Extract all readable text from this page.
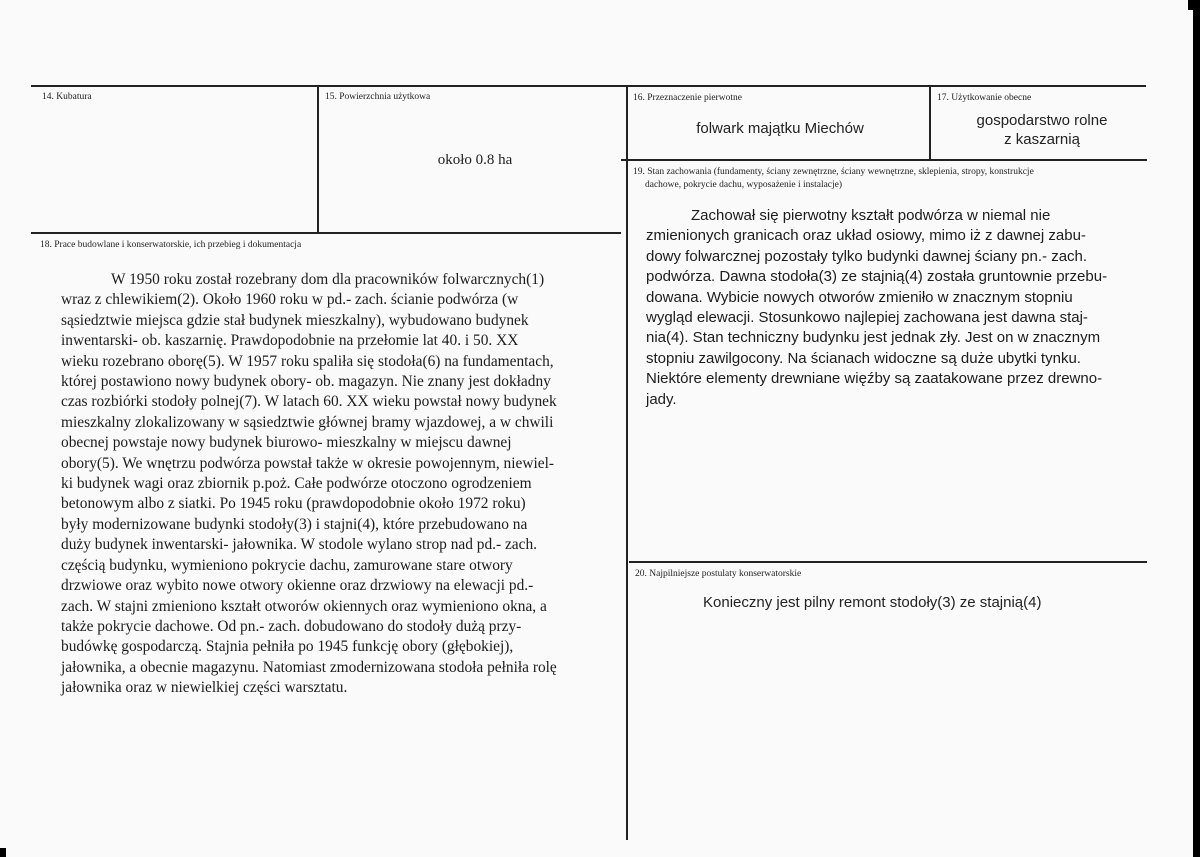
14. Kubatura	15. Powierzchnia użytkowa
około 0.8 ha
16. Przeznaczenie pierwotne
folwark majątku Miechów
17. Użytkowanie obecne
gospodarstwo rolne
z kaszarnią
18. Prace budowlane i konserwatorskie, ich przebieg i dokumentacja
W 1950 roku został rozebrany dom dla pracowników folwarcznych(1)
wraz z chlewikiem(2). Około 1960 roku w pd.- zach. ścianie podwórza (w
sąsiedztwie miejsca gdzie stał budynek mieszkalny), wybudowano budynek
inwentarski- ob. kaszarnię. Prawdopodobnie na przełomie lat 40. i 50. XX
wieku rozebrano oborę(5). W 1957 roku spaliła się stodoła(6) na fundamentach,
której postawiono nowy budynek obory- ob. magazyn. Nie znany jest dokładny
czas rozbiórki stodoły polnej(7). W latach 60. XX wieku powstał nowy budynek
mieszkalny zlokalizowany w sąsiedztwie głównej bramy wjazdowej, a w chwili
obecnej powstaje nowy budynek biurowo- mieszkalny w miejscu dawnej
obory(5). We wnętrzu podwórza powstał także w okresie powojennym, niewiel-
ki budynek wagi oraz zbiornik p.poż. Całe podwórze otoczono ogrodzeniem
betonowym albo z siatki. Po 1945 roku (prawdopodobnie około 1972 roku)
były modernizowane budynki stodoły(3) i stajni(4), które przebudowano na
duży budynek inwentarski- jałownika. W stodole wylano strop nad pd.- zach.
częścią budynku, wymieniono pokrycie dachu, zamurowane stare otwory
drzwiowe oraz wybito nowe otwory okienne oraz drzwiowy na elewacji pd.-
zach. W stajni zmieniono kształt otworów okiennych oraz wymieniono okna, a
także pokrycie dachowe. Od pn.- zach. dobudowano do stodoły dużą przy-
budówkę gospodarczą. Stajnia pełniła po 1945 funkcję obory (głębokiej),
jałownika, a obecnie magazynu. Natomiast zmodernizowana stodoła pełniła rolę
jałownika oraz w niewielkiej części warsztatu.
19. Stan zachowania (fundamenty, ściany zewnętrzne, ściany wewnętrzne, sklepienia, stropy, konstrukcje
dachowe, pokrycie dachu, wyposażenie i instalacje)
Zachował się pierwotny kształt podwórza w niemal nie
zmienionych granicach oraz układ osiowy, mimo iż z dawnej zabu-
dowy folwarcznej pozostały tylko budynki dawnej ściany pn.- zach.
podwórza. Dawna stodoła(3) ze stajnią(4) została gruntownie przebu-
dowana. Wybicie nowych otworów zmieniło w znacznym stopniu
wygląd elewacji. Stosunkowo najlepiej zachowana jest dawna staj-
nia(4). Stan techniczny budynku jest jednak zły. Jest on w znacznym
stopniu zawilgocony. Na ścianach widoczne są duże ubytki tynku.
Niektóre elementy drewniane więźby są zaatakowane przez drewno-
jady.
20. Najpilniejsze postulaty konserwatorskie
Konieczny jest pilny remont stodoły(3) ze stajnią(4)
